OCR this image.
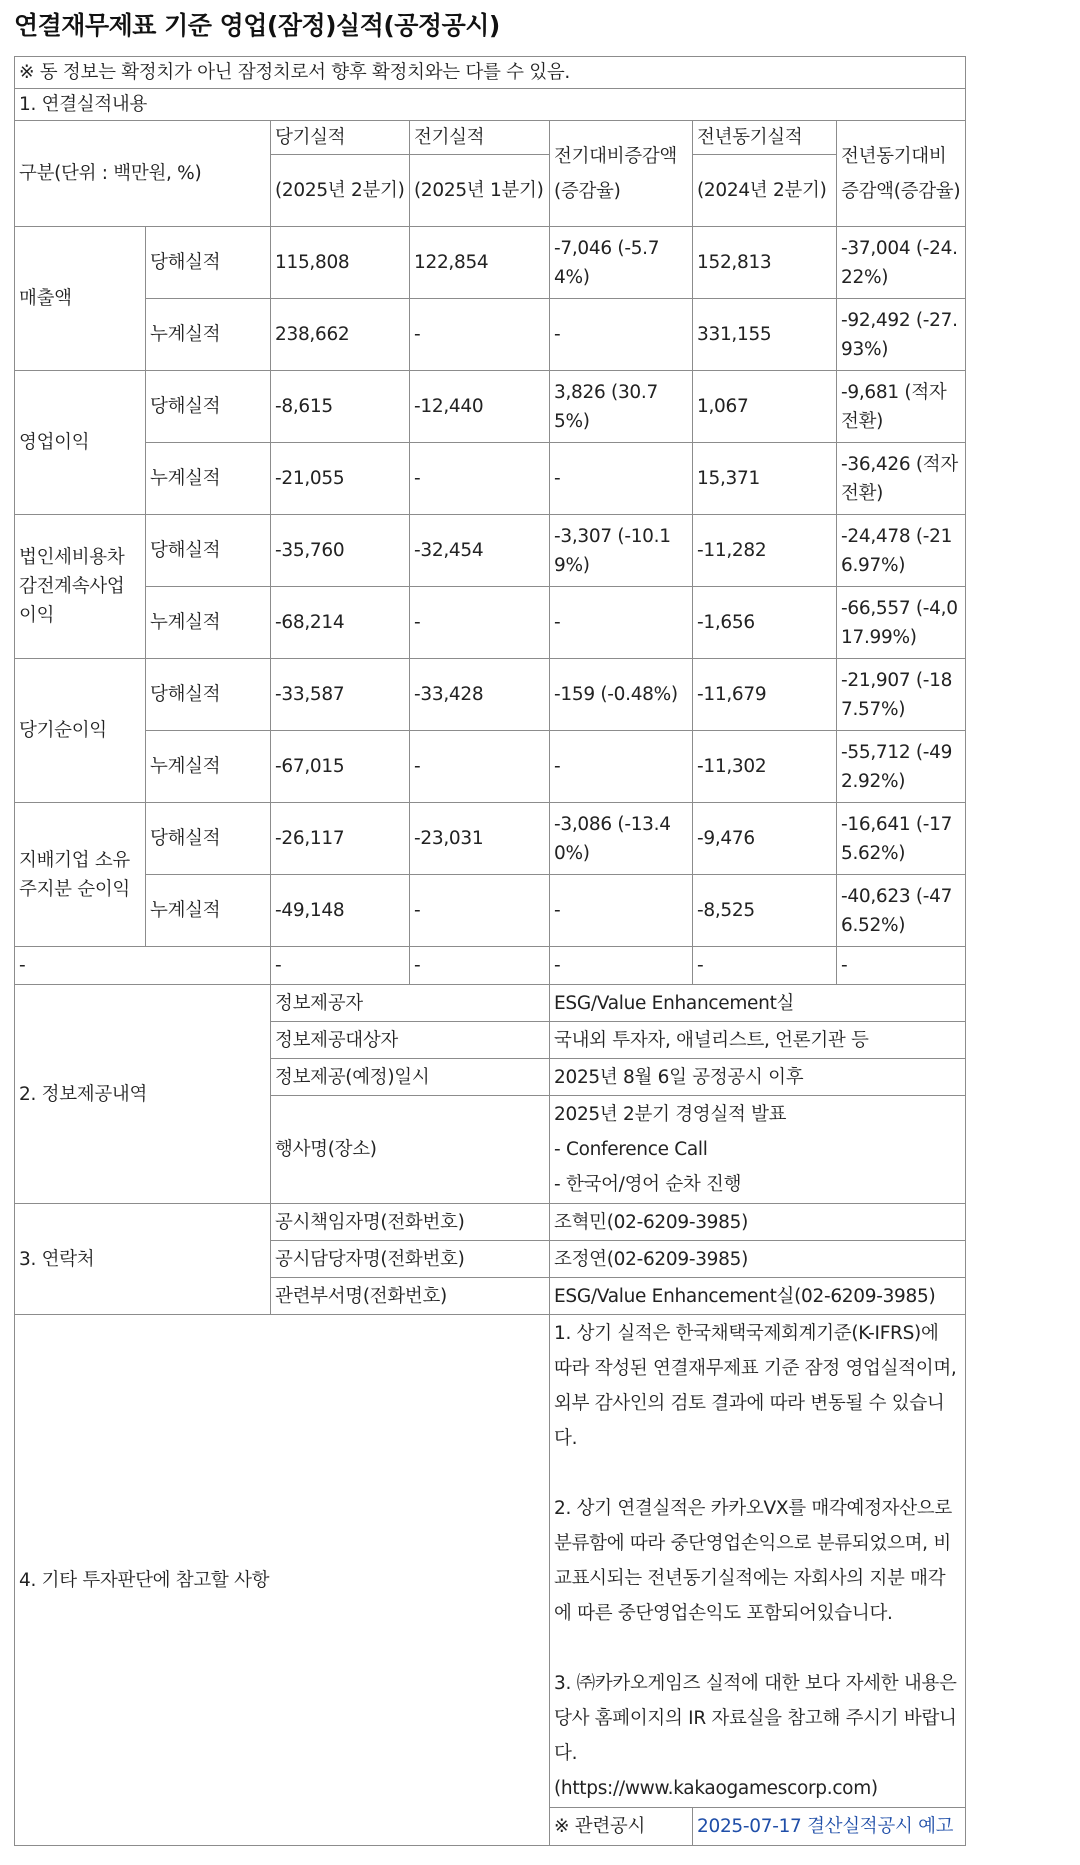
연결재무제표 기준 영업(잠정)실적(공정공시)
※ 동 정보는 확정치가 아닌 잠정치로서 향후 확정치와는 다를 수 있음.						
1. 연결실적내용						
구분(단위 : 백만원, %)		당기실적	전기실적	전기대비증감액(증감율)	전년동기실적	전년동기대비증감액(증감율)
		(2025년 2분기)	(2025년 1분기)		(2024년 2분기)	
매출액	당해실적	115,808	122,854	-7,046 (-5.74%)	152,813	-37,004 (-24.22%)
	누계실적	238,662	-	-	331,155	-92,492 (-27.93%)
영업이익	당해실적	-8,615	-12,440	3,826 (30.75%)	1,067	-9,681 (적자전환)
	누계실적	-21,055	-	-	15,371	-36,426 (적자전환)
법인세비용차감전계속사업이익	당해실적	-35,760	-32,454	-3,307 (-10.19%)	-11,282	-24,478 (-216.97%)
	누계실적	-68,214	-	-	-1,656	-66,557 (-4,017.99%)
당기순이익	당해실적	-33,587	-33,428	-159 (-0.48%)	-11,679	-21,907 (-187.57%)
	누계실적	-67,015	-	-	-11,302	-55,712 (-492.92%)
지배기업 소유주지분 순이익	당해실적	-26,117	-23,031	-3,086 (-13.40%)	-9,476	-16,641 (-175.62%)
	누계실적	-49,148	-	-	-8,525	-40,623 (-476.52%)
-		-	-	-	-	-
2. 정보제공내역		정보제공자		ESG/Value Enhancement실		
		정보제공대상자		국내외 투자자, 애널리스트, 언론기관 등		
		정보제공(예정)일시		2025년 8월 6일 공정공시 이후		
		행사명(장소)		2025년 2분기 경영실적 발표
- Conference Call
- 한국어/영어 순차 진행		

3. 연락처		공시책임자명(전화번호)		조혁민(02-6209-3985)		
		공시담당자명(전화번호)		조정연(02-6209-3985)		
		관련부서명(전화번호)		ESG/Value Enhancement실(02-6209-3985)		
4. 기타 투자판단에 참고할 사항				1. 상기 실적은 한국채택국제회계기준(K-IFRS)에 따라 작성된 연결재무제표 기준 잠정 영업실적이며, 외부 감사인의 검토 결과에 따라 변동될 수 있습니다.
2. 상기 연결실적은 카카오VX를 매각예정자산으로 분류함에 따라 중단영업손익으로 분류되었으며, 비교표시되는 전년동기실적에는 자회사의 지분 매각에 따른 중단영업손익도 포함되어있습니다.
3. ㈜카카오게임즈 실적에 대한 보다 자세한 내용은 당사 홈페이지의 IR 자료실을 참고해 주시기 바랍니다.
(https://www.kakaogamescorp.com)		

				※ 관련공시	2025-07-17 결산실적공시 예고	
